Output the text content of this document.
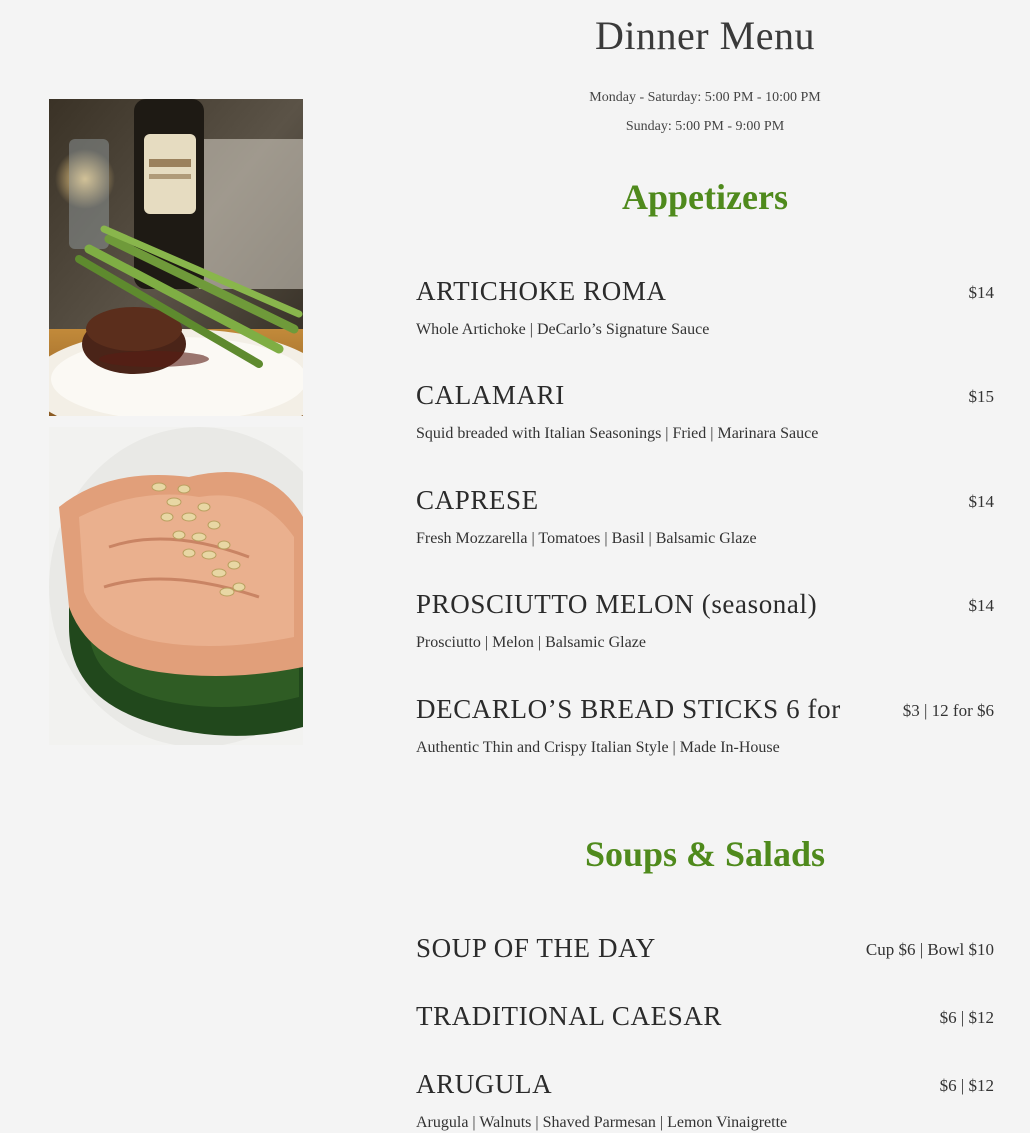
Dinner Menu
Monday - Saturday: 5:00 PM - 10:00 PM
Sunday: 5:00 PM - 9:00 PM
Appetizers
ARTICHOKE ROMA	$14
Whole Artichoke | DeCarlo’s Signature Sauce
CALAMARI	$15
Squid breaded with Italian Seasonings | Fried | Marinara Sauce
CAPRESE	$14
Fresh Mozzarella | Tomatoes | Basil | Balsamic Glaze
PROSCIUTTO MELON (seasonal)	$14
Prosciutto | Melon | Balsamic Glaze
DECARLO’S BREAD STICKS 6 for	$3 | 12 for $6
Authentic Thin and Crispy Italian Style | Made In-House
Soups & Salads
SOUP OF THE DAY	Cup $6 | Bowl $10
TRADITIONAL CAESAR	$6 | $12
ARUGULA	$6 | $12
Arugula | Walnuts | Shaved Parmesan | Lemon Vinaigrette
